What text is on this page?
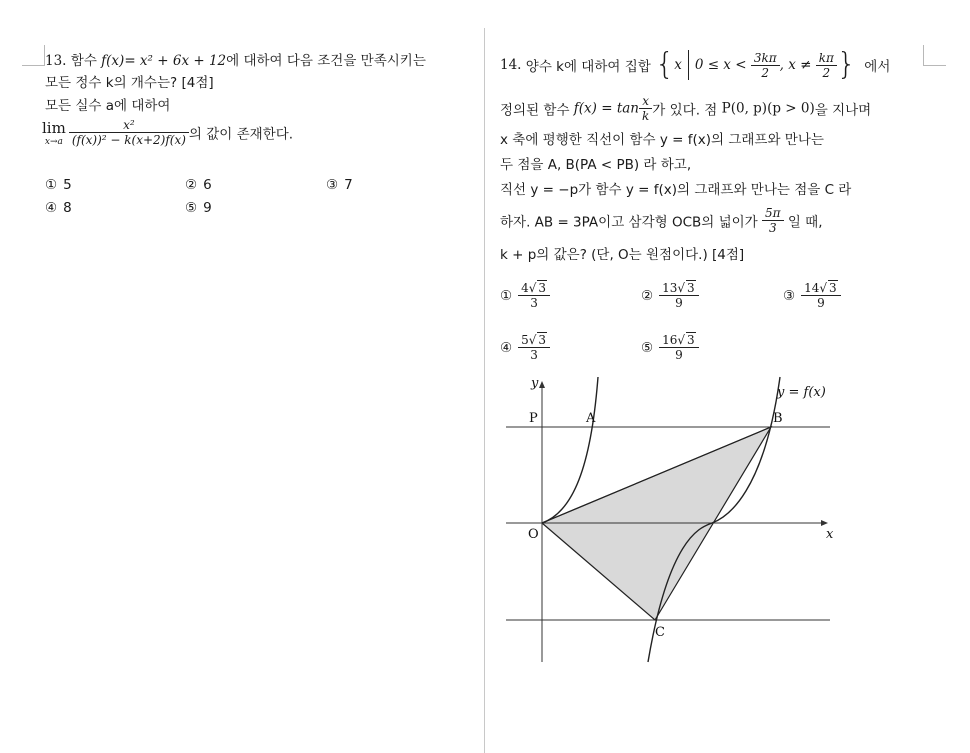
13. 함수 f(x)= x² + 6x + 12에 대하여 다음 조건을 만족시키는
모든 정수 k의 개수는? [4점]
모든 실수 a에 대하여
lim
$x\to a \frac{\text{x²}}{\text{(f(x))² − k(x+2)f(x)}}$ 의 값이 존재한다.
① 5	② 6	③ 7
④ 8	⑤ 9
14. 양수 k에 대하여 집합 {x $0 \le x < \frac{3k\pi}{2}$ , $x \ne \frac{k\pi}{2}$ } 에서
정의된 함수 $f(x) = \tan \frac{x}{k}$ 가 있다. 점 P(0, p)(p > 0)을 지나며
x 축에 평행한 직선이 함수 y = f(x)의 그래프와 만나는
두 점을 A, B(PA < PB) 라 하고,
직선 y = −p가 함수 y = f(x)의 그래프와 만나는 점을 C 라
하자. AB = 3PA이고 삼각형 OCB의 넓이가 $\frac{5\pi}{3}$ 일 때,
k + p의 값은? (단, O는 원점이다.) [4점]
① $\frac{4√ 3}{3}$	② $\frac{13√ 3}{9}$	③ $\frac{14√ 3}{9}$
④ $\frac{5√ 3}{3}$	⑤ $\frac{16√ 3}{9}$
y
x
y = f(x)
P	A	B
O
C
